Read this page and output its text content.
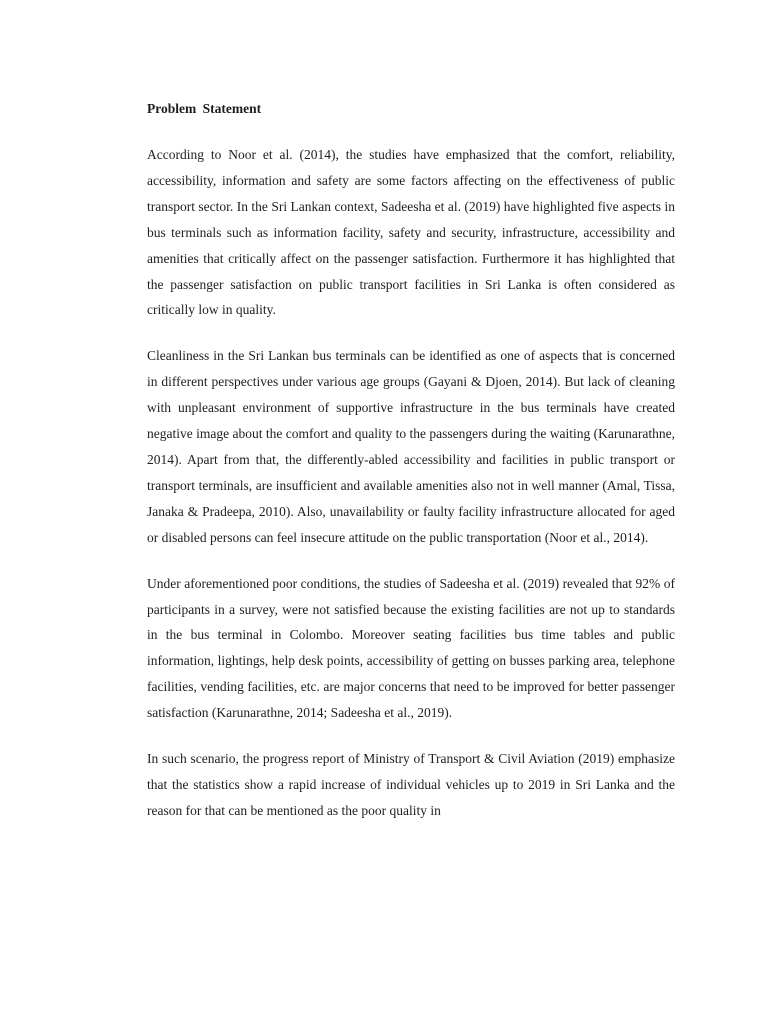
Problem Statement

According to Noor et al. (2014), the studies have emphasized that the comfort, reliability, accessibility, information and safety are some factors affecting on the effectiveness of public transport sector. In the Sri Lankan context, Sadeesha et al. (2019) have highlighted five aspects in bus terminals such as information facility, safety and security, infrastructure, accessibility and amenities that critically affect on the passenger satisfaction. Furthermore it has highlighted that the passenger satisfaction on public transport facilities in Sri Lanka is often considered as critically low in quality.

Cleanliness in the Sri Lankan bus terminals can be identified as one of aspects that is concerned in different perspectives under various age groups (Gayani & Djoen, 2014). But lack of cleaning with unpleasant environment of supportive infrastructure in the bus terminals have created negative image about the comfort and quality to the passengers during the waiting (Karunarathne, 2014). Apart from that, the differently-abled accessibility and facilities in public transport or transport terminals, are insufficient and available amenities also not in well manner (Amal, Tissa, Janaka & Pradeepa, 2010). Also, unavailability or faulty facility infrastructure allocated for aged or disabled persons can feel insecure attitude on the public transportation (Noor et al., 2014).

Under aforementioned poor conditions, the studies of Sadeesha et al. (2019) revealed that 92% of participants in a survey, were not satisfied because the existing facilities are not up to standards in the bus terminal in Colombo. Moreover seating facilities bus time tables and public information, lightings, help desk points, accessibility of getting on busses parking area, telephone facilities, vending facilities, etc. are major concerns that need to be improved for better passenger satisfaction (Karunarathne, 2014; Sadeesha et al., 2019).

In such scenario, the progress report of Ministry of Transport & Civil Aviation (2019) emphasize that the statistics show a rapid increase of individual vehicles up to 2019 in Sri Lanka and the reason for that can be mentioned as the poor quality in
